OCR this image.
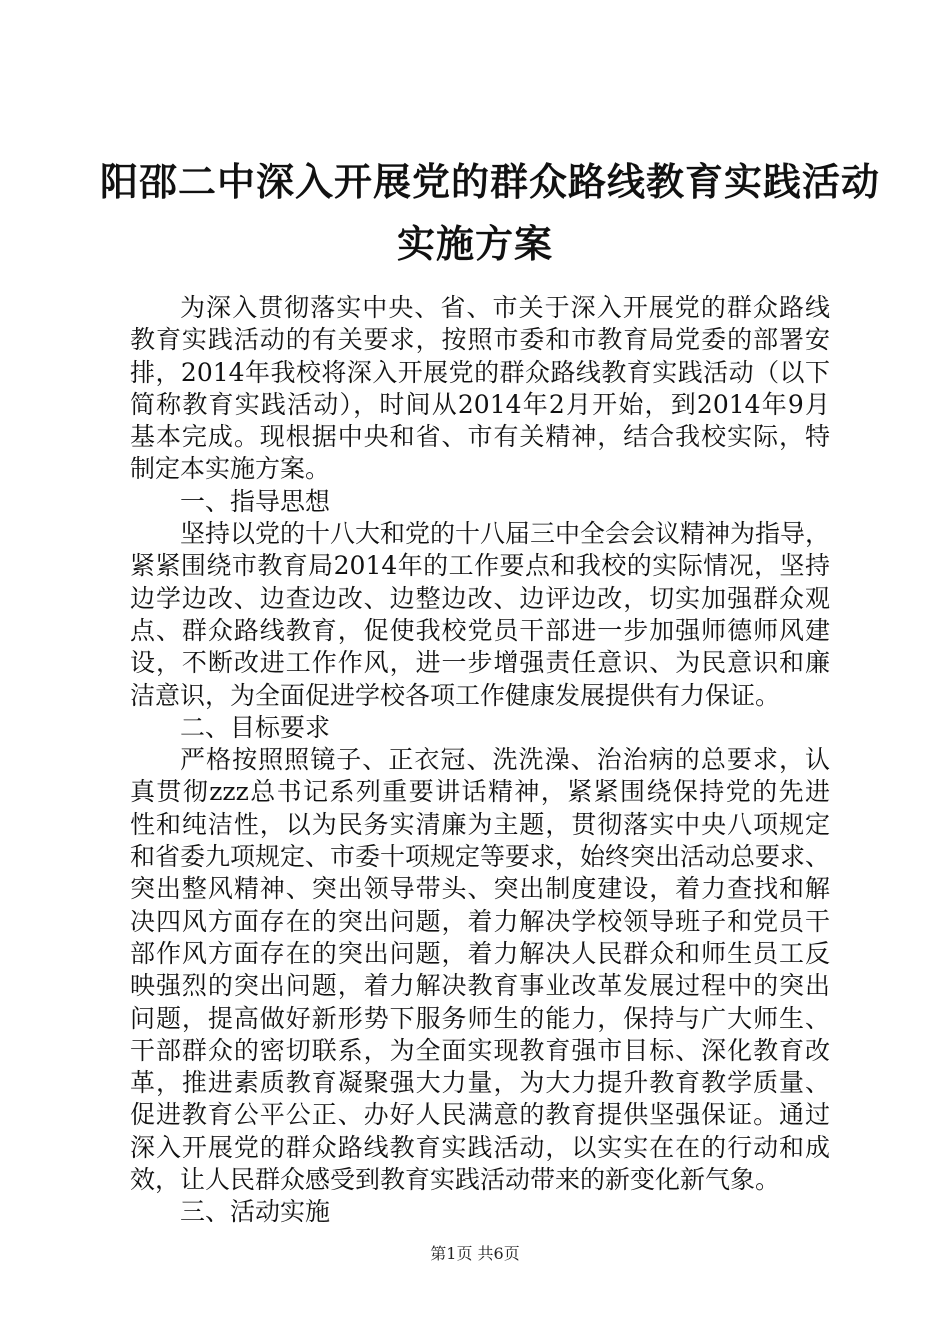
阳邵二中深入开展党的群众路线教育实践活动
实施方案
为深入贯彻落实中央、省、市关于深入开展党的群众路线
教育实践活动的有关要求，按照市委和市教育局党委的部署安
排，2014年我校将深入开展党的群众路线教育实践活动（以下
简称教育实践活动），时间从2014年2月开始，到2014年9月
基本完成。现根据中央和省、市有关精神，结合我校实际，特
制定本实施方案。
一、指导思想
坚持以党的十八大和党的十八届三中全会会议精神为指导，
紧紧围绕市教育局2014年的工作要点和我校的实际情况，坚持
边学边改、边查边改、边整边改、边评边改，切实加强群众观
点、群众路线教育，促使我校党员干部进一步加强师德师风建
设，不断改进工作作风，进一步增强责任意识、为民意识和廉
洁意识，为全面促进学校各项工作健康发展提供有力保证。
二、目标要求
严格按照照镜子、正衣冠、洗洗澡、治治病的总要求，认
真贯彻zzz总书记系列重要讲话精神，紧紧围绕保持党的先进
性和纯洁性，以为民务实清廉为主题，贯彻落实中央八项规定
和省委九项规定、市委十项规定等要求，始终突出活动总要求、
突出整风精神、突出领导带头、突出制度建设，着力查找和解
决四风方面存在的突出问题，着力解决学校领导班子和党员干
部作风方面存在的突出问题，着力解决人民群众和师生员工反
映强烈的突出问题，着力解决教育事业改革发展过程中的突出
问题，提高做好新形势下服务师生的能力，保持与广大师生、
干部群众的密切联系，为全面实现教育强市目标、深化教育改
革，推进素质教育凝聚强大力量，为大力提升教育教学质量、
促进教育公平公正、办好人民满意的教育提供坚强保证。通过
深入开展党的群众路线教育实践活动，以实实在在的行动和成
效，让人民群众感受到教育实践活动带来的新变化新气象。
三、活动实施
第1页 共6页
